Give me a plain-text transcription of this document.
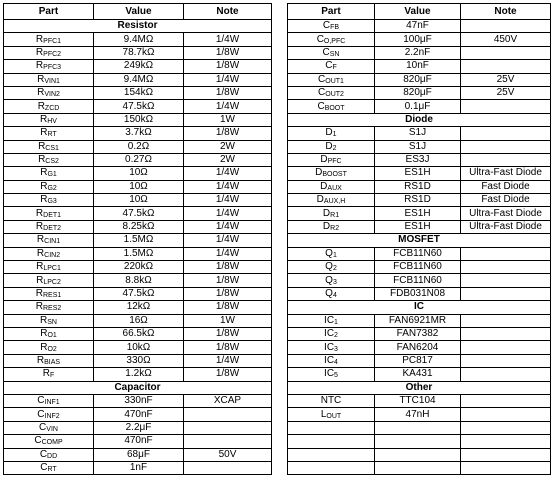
Part	Value	Note
Resistor		
$R_{PFC1}$	9.4MΩ	1/4W
$R_{PFC2}$	78.7kΩ	1/8W
$R_{PFC3}$	249kΩ	1/8W
$R_{VIN1}$	9.4MΩ	1/4W
$R_{VIN2}$	154kΩ	1/8W
$R_{ZCD}$	47.5kΩ	1/4W
$R_{HV}$	150kΩ	1W
$R_{RT}$	3.7kΩ	1/8W
$R_{CS1}$	0.2Ω	2W
$R_{CS2}$	0.27Ω	2W
$R_{G1}$	10Ω	1/4W
$R_{G2}$	10Ω	1/4W
$R_{G3}$	10Ω	1/4W
$R_{DET1}$	47.5kΩ	1/4W
$R_{DET2}$	8.25kΩ	1/4W
$R_{CIN1}$	1.5MΩ	1/4W
$R_{CIN2}$	1.5MΩ	1/4W
$R_{LPC1}$	220kΩ	1/8W
$R_{LPC2}$	8.8kΩ	1/8W
$R_{RES1}$	47.5kΩ	1/8W
$R_{RES2}$	12kΩ	1/8W
$R_{SN}$	16Ω	1W
$R_{O1}$	66.5kΩ	1/8W
$R_{O2}$	10kΩ	1/8W
$R_{BIAS}$	330Ω	1/4W
$R_F$	1.2kΩ	1/8W
Capacitor		
$C_{INF1}$	330nF	XCAP
$C_{INF2}$	470nF	
$C_{VIN}$	2.2μF	
$C_{COMP}$	470nF	
$C_{DD}$	68μF	50V
$C_{RT}$	1nF	
Part	Value	Note
$C_{FB}$	47nF	
$C_{O,PFC}$	100μF	450V
$C_{SN}$	2.2nF	
$C_F$	10nF	
$C_{OUT1}$	820μF	25V
$C_{OUT2}$	820μF	25V
$C_{BOOT}$	0.1μF	
Diode		
$D_1$	S1J	
$D_2$	S1J	
$D_{PFC}$	ES3J	
$D_{BOOST}$	ES1H	Ultra-Fast Diode
$D_{AUX}$	RS1D	Fast Diode
$D_{AUX,H}$	RS1D	Fast Diode
$D_{R1}$	ES1H	Ultra-Fast Diode
$D_{R2}$	ES1H	Ultra-Fast Diode
MOSFET		
$Q_1$	FCB11N60	
$Q_2$	FCB11N60	
$Q_3$	FCB11N60	
$Q_4$	FDB031N08	
IC		
$IC_1$	FAN6921MR	
$IC_2$	FAN7382	
$IC_3$	FAN6204	
$IC_4$	PC817	
$IC_5$	KA431	
Other		
NTC	TTC104	
$L_{OUT}$	47nH	
